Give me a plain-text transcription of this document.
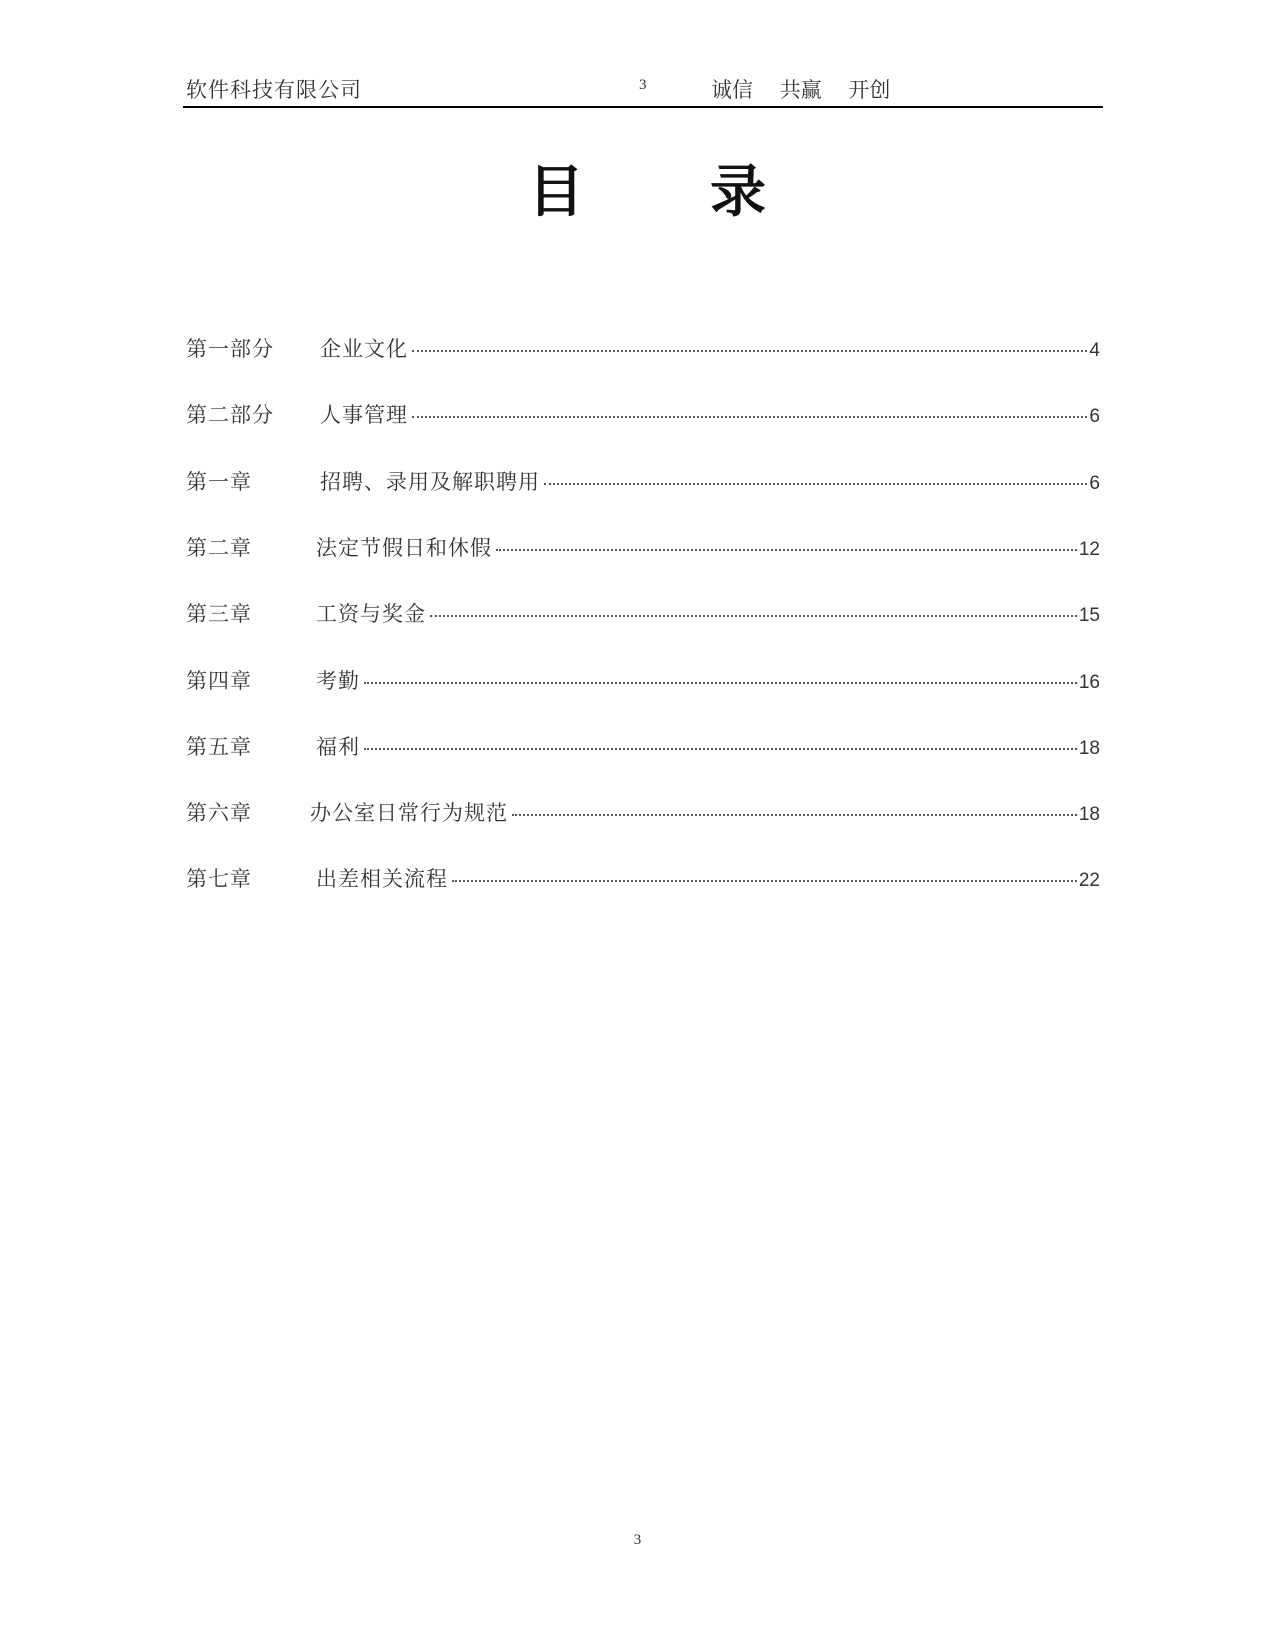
软件科技有限公司	3	诚信    共赢    开创
目 录
第一部分 企业文化	4
第二部分 人事管理	6
第一章	招聘、录用及解职聘用	6
第二章	法定节假日和休假	12
第三章	工资与奖金	15
第四章	考勤	16
第五章	福利	18
第六章	办公室日常行为规范	18
第七章	出差相关流程	22
3
